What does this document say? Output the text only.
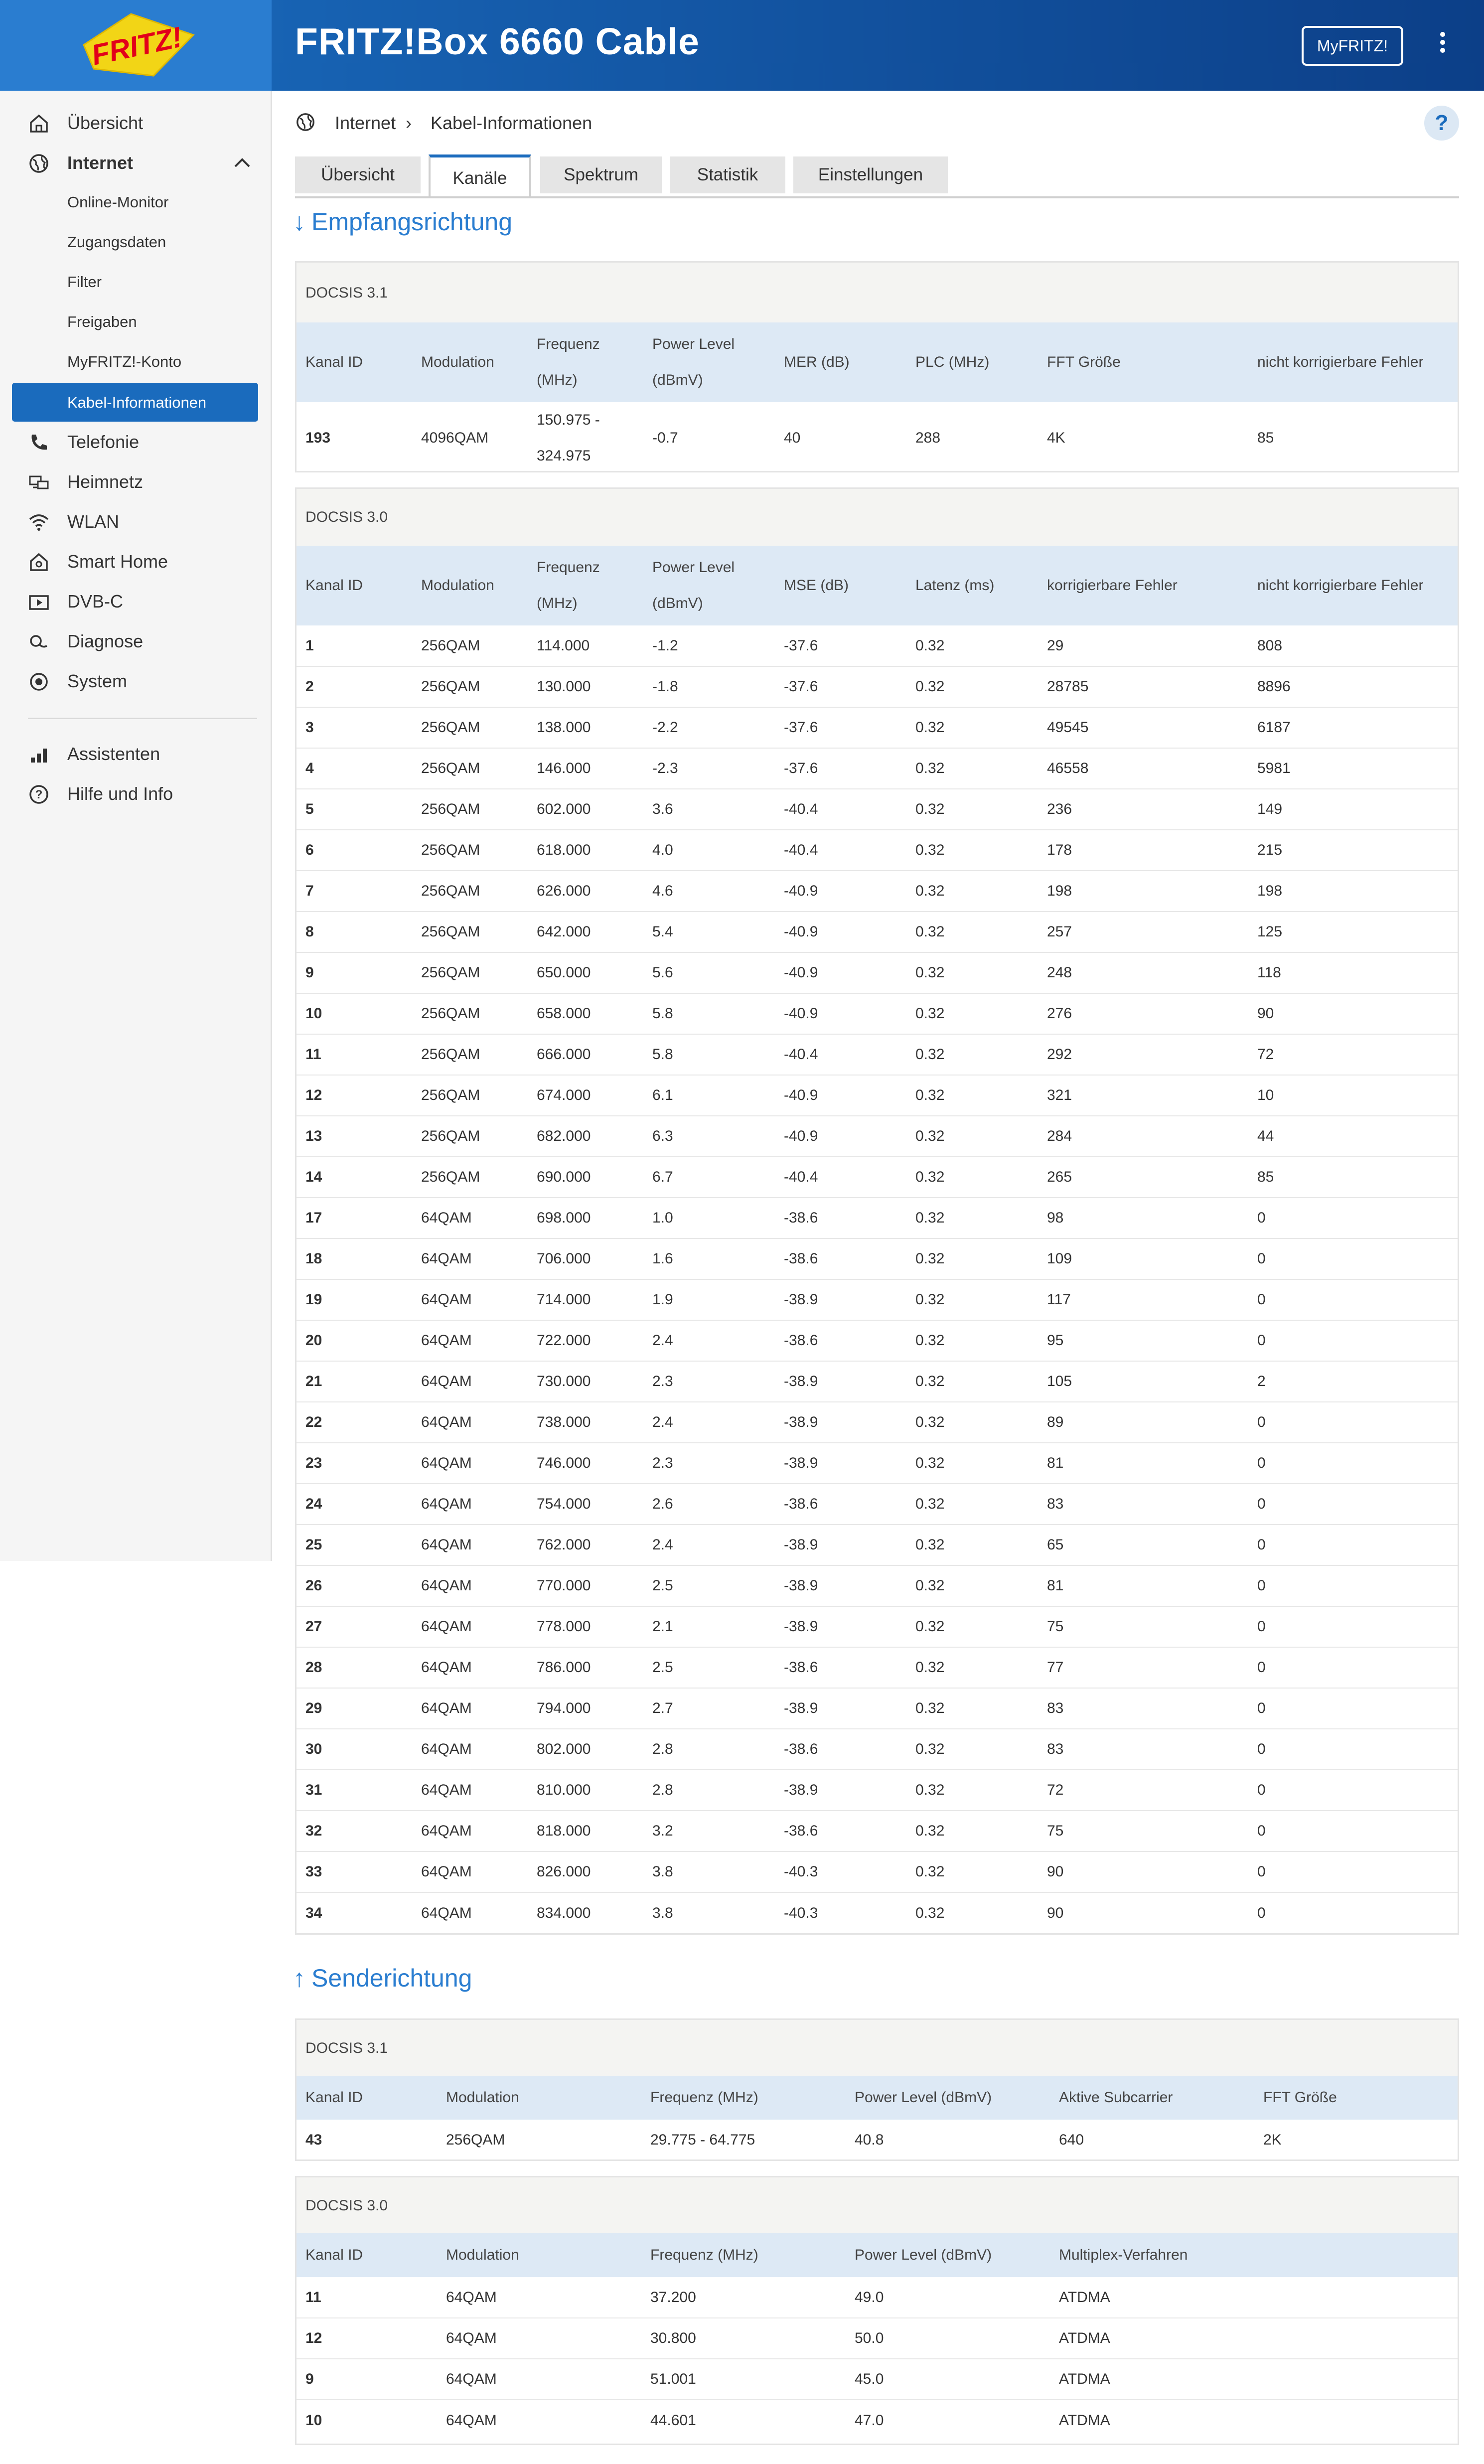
FRITZ!	FRITZ!Box 6660 Cable	MyFRITZ!
Übersicht
Internet
Online-Monitor
Zugangsdaten
Filter
Freigaben
MyFRITZ!-Konto
Kabel-Informationen
Telefonie
Heimnetz
WLAN
Smart Home
DVB-C
Diagnose
System
Assistenten
? Hilfe und Info
Internet › Kabel-Informationen	?
Übersicht	Kanäle	Spektrum	Statistik	Einstellungen
↓ Empfangsrichtung
DOCSIS 3.1
Kanal ID	Modulation	Frequenz (MHz)	Power Level (dBmV)	MER (dB)	PLC (MHz)	FFT Größe	nicht korrigierbare Fehler
193	4096QAM	150.975 - 324.975	-0.7	40	288	4K	85
DOCSIS 3.0
Kanal ID	Modulation	Frequenz (MHz)	Power Level (dBmV)	MSE (dB)	Latenz (ms)	korrigierbare Fehler	nicht korrigierbare Fehler
1	256QAM	114.000	-1.2	-37.6	0.32	29	808
2	256QAM	130.000	-1.8	-37.6	0.32	28785	8896
3	256QAM	138.000	-2.2	-37.6	0.32	49545	6187
4	256QAM	146.000	-2.3	-37.6	0.32	46558	5981
5	256QAM	602.000	3.6	-40.4	0.32	236	149
6	256QAM	618.000	4.0	-40.4	0.32	178	215
7	256QAM	626.000	4.6	-40.9	0.32	198	198
8	256QAM	642.000	5.4	-40.9	0.32	257	125
9	256QAM	650.000	5.6	-40.9	0.32	248	118
10	256QAM	658.000	5.8	-40.9	0.32	276	90
11	256QAM	666.000	5.8	-40.4	0.32	292	72
12	256QAM	674.000	6.1	-40.9	0.32	321	10
13	256QAM	682.000	6.3	-40.9	0.32	284	44
14	256QAM	690.000	6.7	-40.4	0.32	265	85
17	64QAM	698.000	1.0	-38.6	0.32	98	0
18	64QAM	706.000	1.6	-38.6	0.32	109	0
19	64QAM	714.000	1.9	-38.9	0.32	117	0
20	64QAM	722.000	2.4	-38.6	0.32	95	0
21	64QAM	730.000	2.3	-38.9	0.32	105	2
22	64QAM	738.000	2.4	-38.9	0.32	89	0
23	64QAM	746.000	2.3	-38.9	0.32	81	0
24	64QAM	754.000	2.6	-38.6	0.32	83	0
25	64QAM	762.000	2.4	-38.9	0.32	65	0
26	64QAM	770.000	2.5	-38.9	0.32	81	0
27	64QAM	778.000	2.1	-38.9	0.32	75	0
28	64QAM	786.000	2.5	-38.6	0.32	77	0
29	64QAM	794.000	2.7	-38.9	0.32	83	0
30	64QAM	802.000	2.8	-38.6	0.32	83	0
31	64QAM	810.000	2.8	-38.9	0.32	72	0
32	64QAM	818.000	3.2	-38.6	0.32	75	0
33	64QAM	826.000	3.8	-40.3	0.32	90	0
34	64QAM	834.000	3.8	-40.3	0.32	90	0
↑ Senderichtung
DOCSIS 3.1
Kanal ID	Modulation	Frequenz (MHz)	Power Level (dBmV)	Aktive Subcarrier	FFT Größe
43	256QAM	29.775 - 64.775	40.8	640	2K
DOCSIS 3.0
Kanal ID	Modulation	Frequenz (MHz)	Power Level (dBmV)	Multiplex-Verfahren	
11	64QAM	37.200	49.0	ATDMA	
12	64QAM	30.800	50.0	ATDMA	
9	64QAM	51.001	45.0	ATDMA	
10	64QAM	44.601	47.0	ATDMA	
